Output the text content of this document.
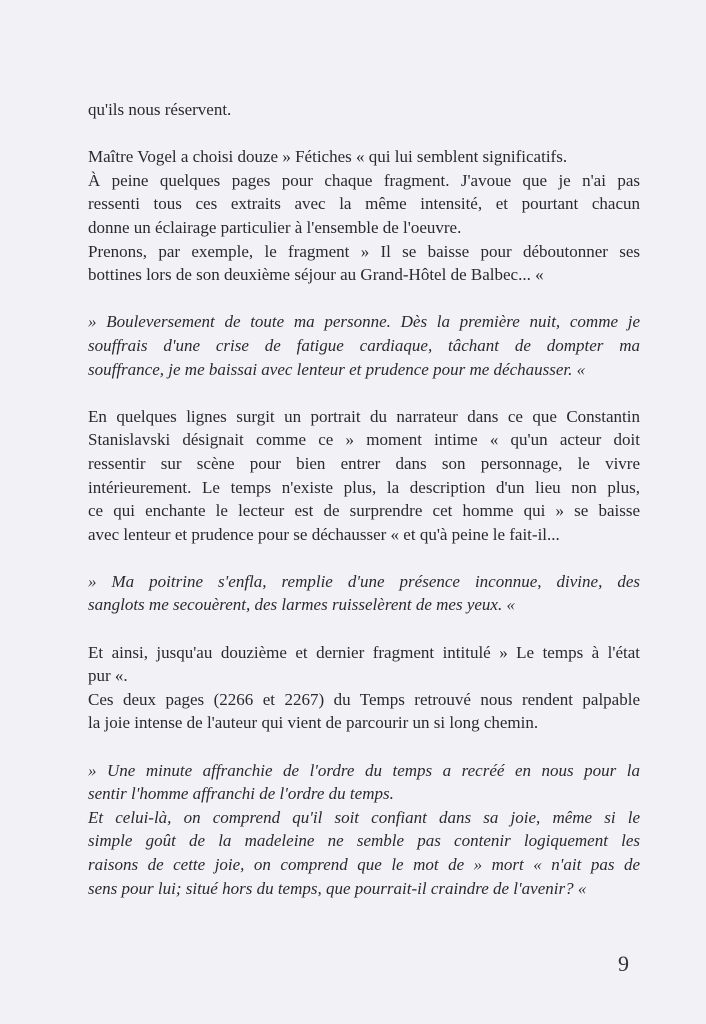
qu'ils nous réservent.

Maître Vogel a choisi douze » Fétiches « qui lui semblent significatifs.

À peine quelques pages pour chaque fragment. J'avoue que je n'ai pas
ressenti tous ces extraits avec la même intensité, et pourtant chacun
donne un éclairage particulier à l'ensemble de l'oeuvre.

Prenons, par exemple, le fragment » Il se baisse pour déboutonner ses
bottines lors de son deuxième séjour au Grand-Hôtel de Balbec... «

» Bouleversement de toute ma personne. Dès la première nuit, comme je
souffrais d'une crise de fatigue cardiaque, tâchant de dompter ma
souffrance, je me baissai avec lenteur et prudence pour me déchausser. «

En quelques lignes surgit un portrait du narrateur dans ce que Constantin
Stanislavski désignait comme ce » moment intime « qu'un acteur doit
ressentir sur scène pour bien entrer dans son personnage, le vivre
intérieurement. Le temps n'existe plus, la description d'un lieu non plus,
ce qui enchante le lecteur est de surprendre cet homme qui » se baisse
avec lenteur et prudence pour se déchausser « et qu'à peine le fait-il...

» Ma poitrine s'enfla, remplie d'une présence inconnue, divine, des
sanglots me secouèrent, des larmes ruisselèrent de mes yeux. «

Et ainsi, jusqu'au douzième et dernier fragment intitulé » Le temps à l'état
pur «.

Ces deux pages (2266 et 2267) du Temps retrouvé nous rendent palpable
la joie intense de l'auteur qui vient de parcourir un si long chemin.

» Une minute affranchie de l'ordre du temps a recréé en nous pour la
sentir l'homme affranchi de l'ordre du temps.

Et celui-là, on comprend qu'il soit confiant dans sa joie, même si le
simple goût de la madeleine ne semble pas contenir logiquement les
raisons de cette joie, on comprend que le mot de » mort « n'ait pas de
sens pour lui; situé hors du temps, que pourrait-il craindre de l'avenir? «

9
